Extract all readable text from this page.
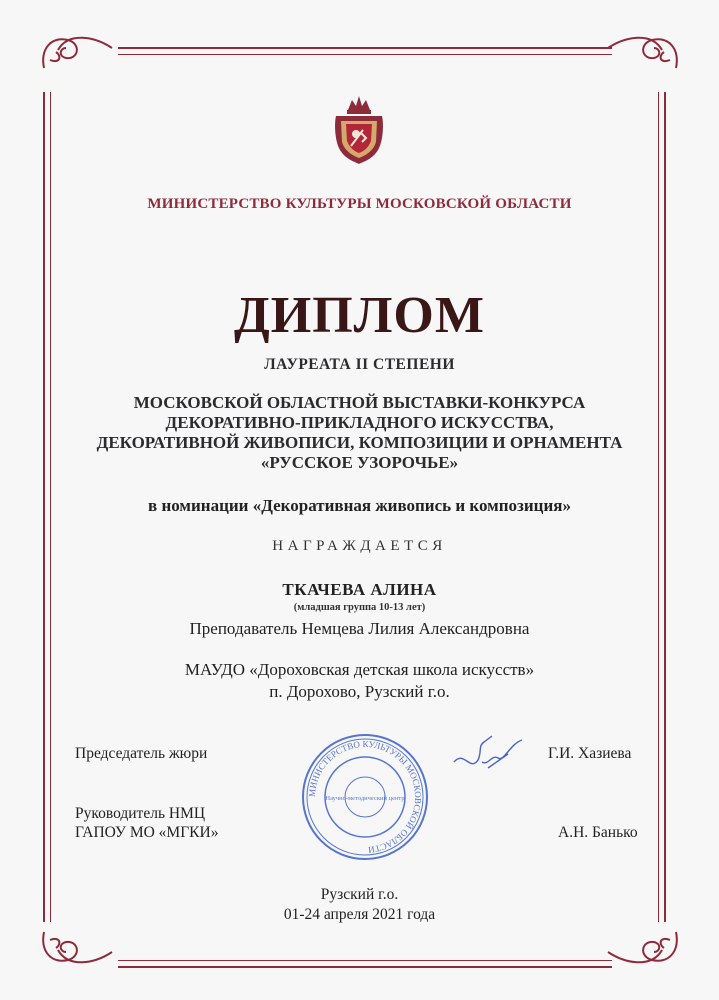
МИНИСТЕРСТВО КУЛЬТУРЫ МОСКОВСКОЙ ОБЛАСТИ
ДИПЛОМ
ЛАУРЕАТА II СТЕПЕНИ
МОСКОВСКОЙ ОБЛАСТНОЙ ВЫСТАВКИ-КОНКУРСА
ДЕКОРАТИВНО-ПРИКЛАДНОГО ИСКУССТВА,
ДЕКОРАТИВНОЙ ЖИВОПИСИ, КОМПОЗИЦИИ И ОРНАМЕНТА
«РУССКОЕ УЗОРОЧЬЕ»
в номинации «Декоративная живопись и композиция»
НАГРАЖДАЕТСЯ
ТКАЧЕВА АЛИНА
(младшая группа 10-13 лет)
Преподаватель Немцева Лилия Александровна
МАУДО «Дороховская детская школа искусств»
п. Дорохово, Рузский г.о.
Председатель жюри	Г.И. Хазиева
Руководитель НМЦ
ГАПОУ МО «МГКИ»	А.Н. Банько
МИНИСТЕРСТВО КУЛЬТУРЫ МОСКОВСКОЙ ОБЛАСТИ
Научно-методический центр
Рузский г.о.
01-24 апреля 2021 года
